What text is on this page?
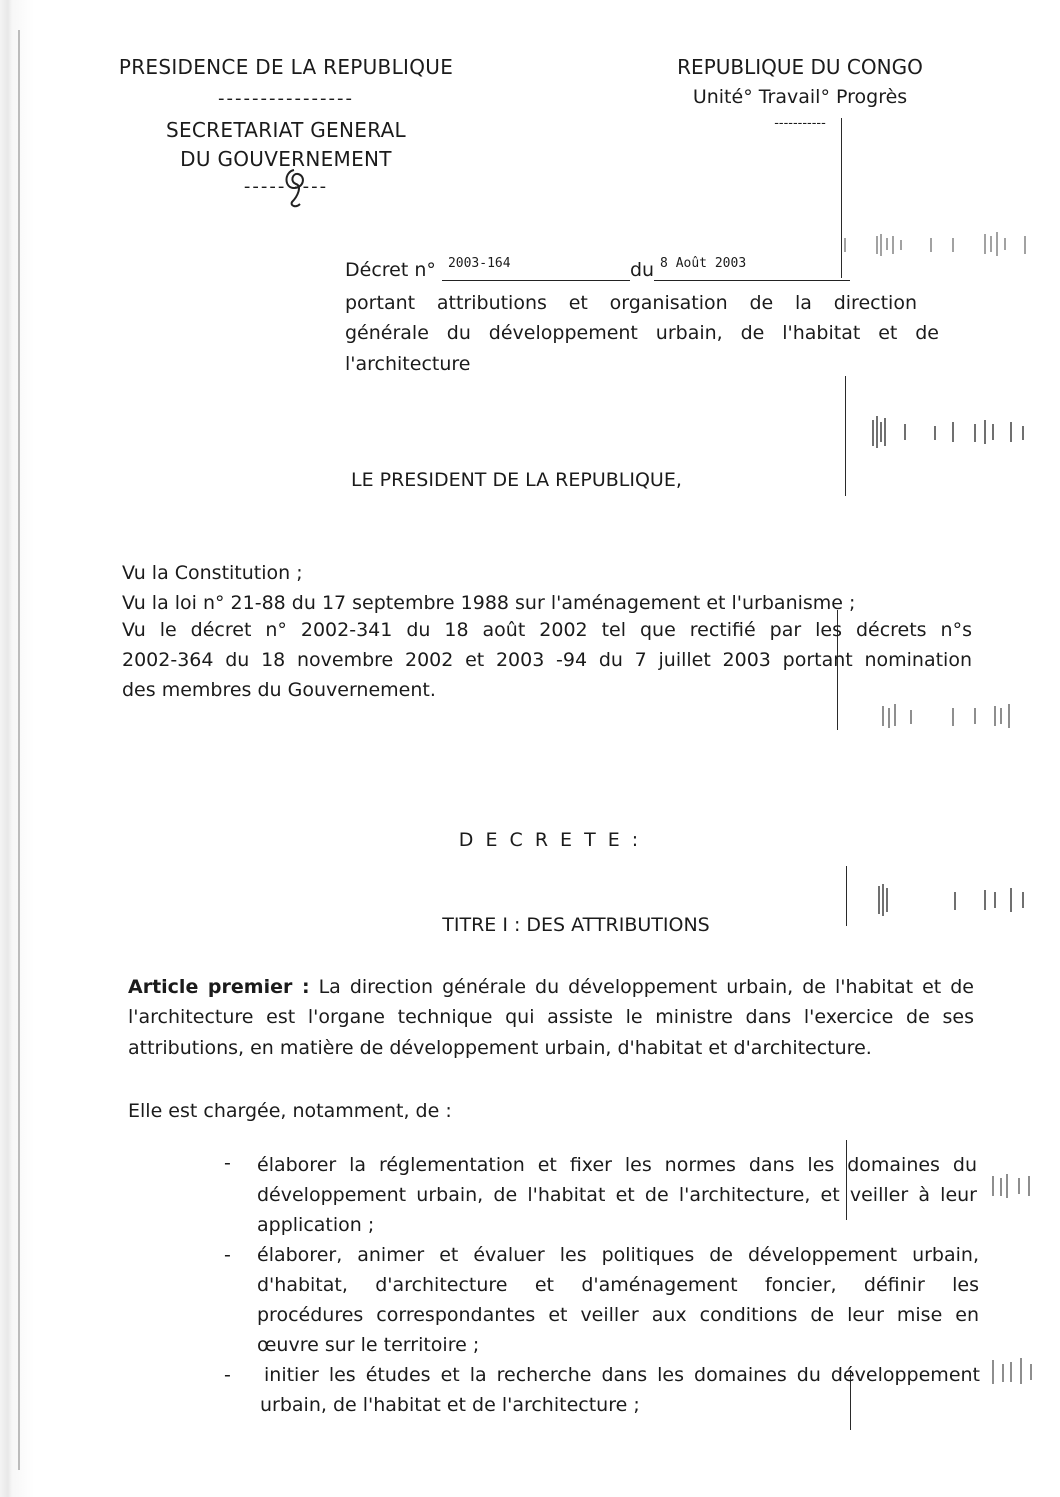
PRESIDENCE DE LA REPUBLIQUE
----------------
SECRETARIAT GENERAL
DU GOUVERNEMENT
----- ----
REPUBLIQUE DU CONGO
Unité° Travail° Progrès
-----------
Décret n° 2003-164	du 8 Août 2003
portant attributions et organisation de la direction
générale du développement urbain, de l'habitat et de
l'architecture
LE PRESIDENT DE LA REPUBLIQUE,
Vu la Constitution ;
Vu la loi n° 21-88 du 17 septembre 1988 sur l'aménagement et l'urbanisme ;
Vu le décret n° 2002-341 du 18 août 2002 tel que rectifié par les décrets n°s
2002-364 du 18 novembre 2002 et 2003 -94 du 7 juillet 2003 portant nomination
des membres du Gouvernement.
D E C R E T E :
TITRE I : DES ATTRIBUTIONS
Article premier : La direction générale du développement urbain, de l'habitat et de
l'architecture est l'organe technique qui assiste le ministre dans l'exercice de ses
attributions, en matière de développement urbain, d'habitat et d'architecture.
Elle est chargée, notamment, de :
- élaborer la réglementation et fixer les normes dans les domaines du
développement urbain, de l'habitat et de l'architecture, et veiller à leur
application ;
- élaborer, animer et évaluer les politiques de développement urbain,
d'habitat, d'architecture et d'aménagement foncier, définir les
procédures correspondantes et veiller aux conditions de leur mise en
œuvre sur le territoire ;
- initier les études et la recherche dans les domaines du développement
urbain, de l'habitat et de l'architecture ;
